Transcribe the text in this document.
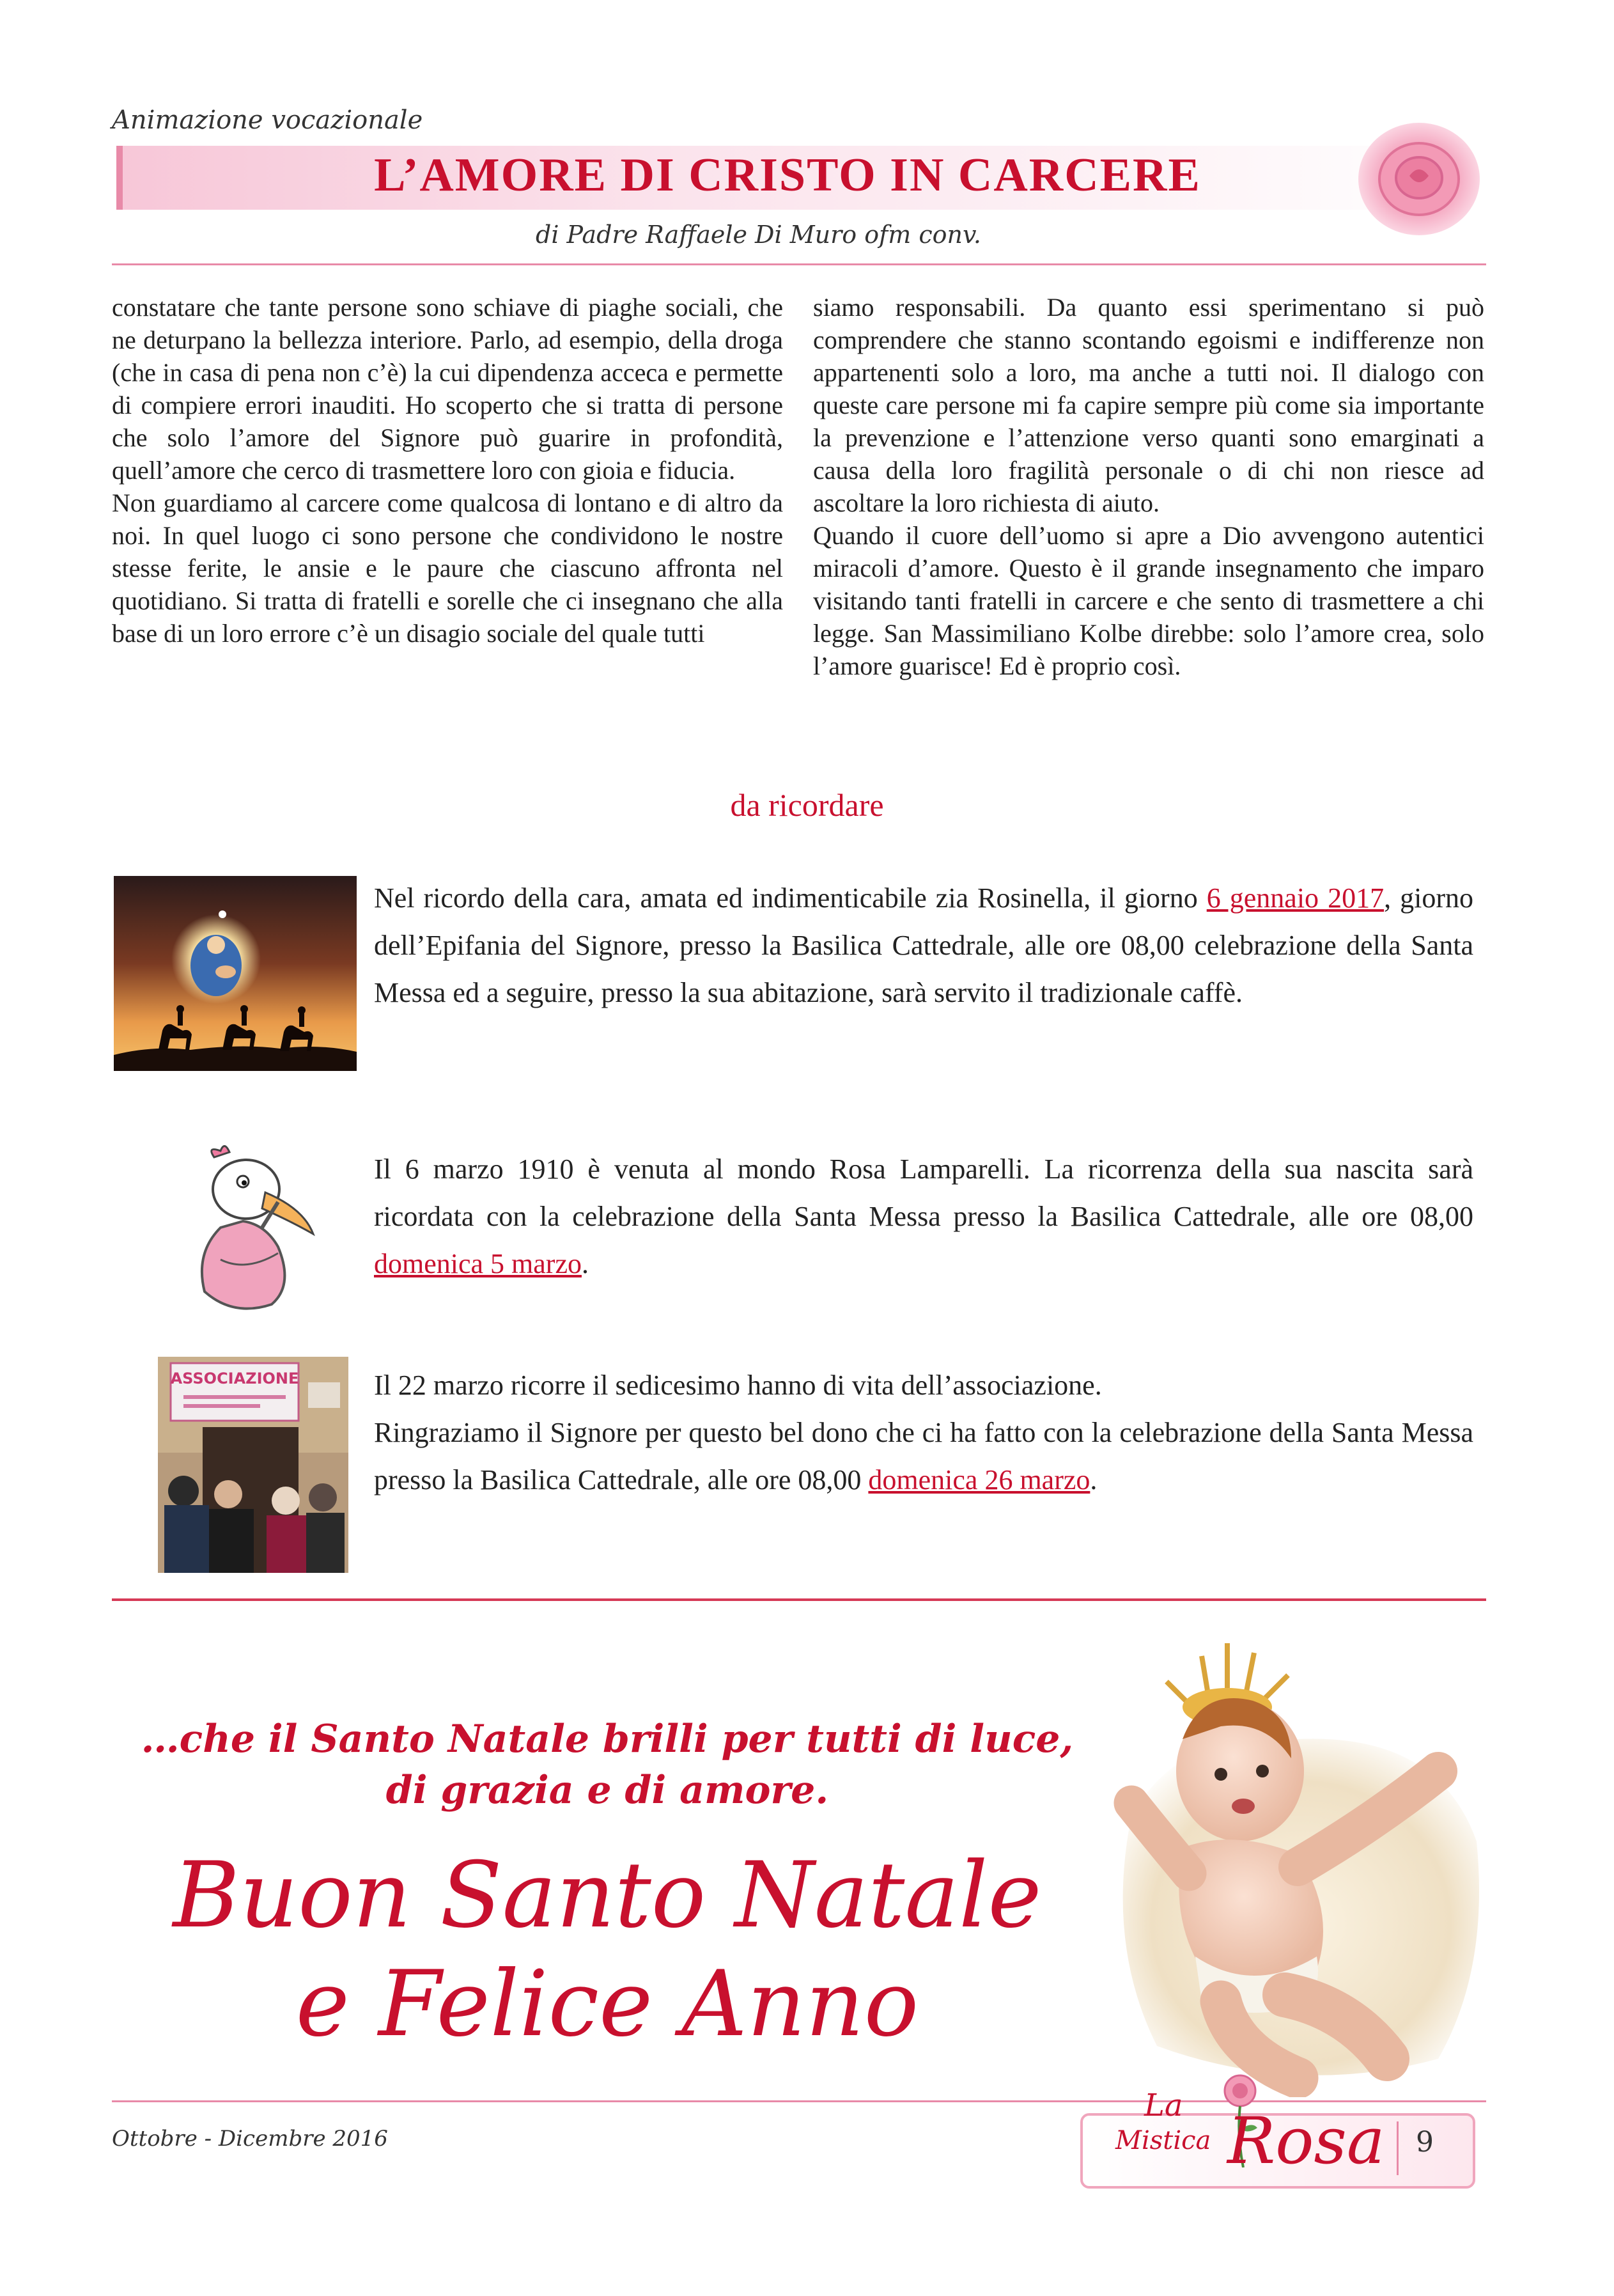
Animazione vocazionale
L’AMORE DI CRISTO IN CARCERE
di Padre Raffaele Di Muro ofm conv.

constatare che tante persone sono schiave di piaghe sociali, che ne deturpano la bellezza interiore. Parlo, ad esempio, della droga (che in casa di pena non c’è) la cui dipendenza acceca e permette di compiere errori inauditi. Ho scoperto che si tratta di persone che solo l’amore del Signore può guarire in profondità, quell’amore che cerco di trasmettere loro con gioia e fiducia.

Non guardiamo al carcere come qualcosa di lontano e di altro da noi. In quel luogo ci sono persone che condividono le nostre stesse ferite, le ansie e le paure che ciascuno affronta nel quotidiano. Si tratta di fratelli e sorelle che ci insegnano che alla base di un loro errore c’è un disagio sociale del quale tutti

siamo responsabili. Da quanto essi sperimentano si può comprendere che stanno scontando egoismi e indifferenze non appartenenti solo a loro, ma anche a tutti noi. Il dialogo con queste care persone mi fa capire sempre più come sia importante la prevenzione e l’attenzione verso quanti sono emarginati a causa della loro fragilità personale o di chi non riesce ad ascoltare la loro richiesta di aiuto.

Quando il cuore dell’uomo si apre a Dio avvengono autentici miracoli d’amore. Questo è il grande insegnamento che imparo visitando tanti fratelli in carcere e che sento di trasmettere a chi legge. San Massimiliano Kolbe direbbe: solo l’amore crea, solo l’amore guarisce! Ed è proprio così.

da ricordare
Nel ricordo della cara, amata ed indimenticabile zia Rosinella, il giorno 6 gennaio 2017, giorno dell’Epifania del Signore, presso la Basilica Cattedrale, alle ore 08,00 celebrazione della Santa Messa ed a seguire, presso la sua abitazione, sarà servito il tradizionale caffè.
Il 6 marzo 1910 è venuta al mondo Rosa Lamparelli. La ricorrenza della sua nascita sarà ricordata con la celebrazione della Santa Messa presso la Basilica Cattedrale, alle ore 08,00 domenica 5 marzo.
ASSOCIAZIONE	Il 22 marzo ricorre il sedicesimo hanno di vita dell’associazione.
Ringraziamo il Signore per questo bel dono che ci ha fatto con la celebrazione della Santa Messa presso la Basilica Cattedrale, alle ore 08,00 domenica 26 marzo.
…che il Santo Natale brilli per tutti di luce,
di grazia e di amore.
Buon Santo Natale
e Felice Anno
Ottobre - Dicembre 2016
La
Mistica Rosa 9
